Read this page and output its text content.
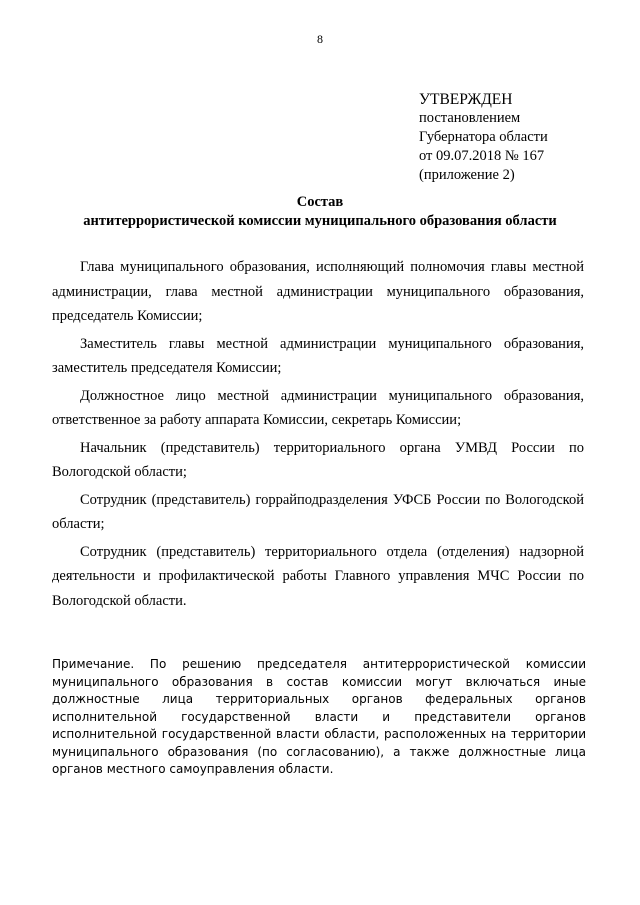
8
УТВЕРЖДЕН
постановлением
Губернатора области
от 09.07.2018 № 167
(приложение 2)
Состав
антитеррористической комиссии муниципального образования области

Глава муниципального образования, исполняющий полномочия главы местной администрации, глава местной администрации муниципального образования, председатель Комиссии;

Заместитель главы местной администрации муниципального образования, заместитель председателя Комиссии;

Должностное лицо местной администрации муниципального образования, ответственное за работу аппарата Комиссии, секретарь Комиссии;

Начальник (представитель) территориального органа УМВД России по Вологодской области;

Сотрудник (представитель) горрайподразделения УФСБ России по Вологодской области;

Сотрудник (представитель) территориального отдела (отделения) надзорной деятельности и профилактической работы Главного управления МЧС России по Вологодской области.

Примечание. По решению председателя антитеррористической комиссии муниципального образования в состав комиссии могут включаться иные должностные лица территориальных органов федеральных органов исполнительной государственной власти и представители органов исполнительной государственной власти области, расположенных на территории муниципального образования (по согласованию), а также должностные лица органов местного самоуправления области.
